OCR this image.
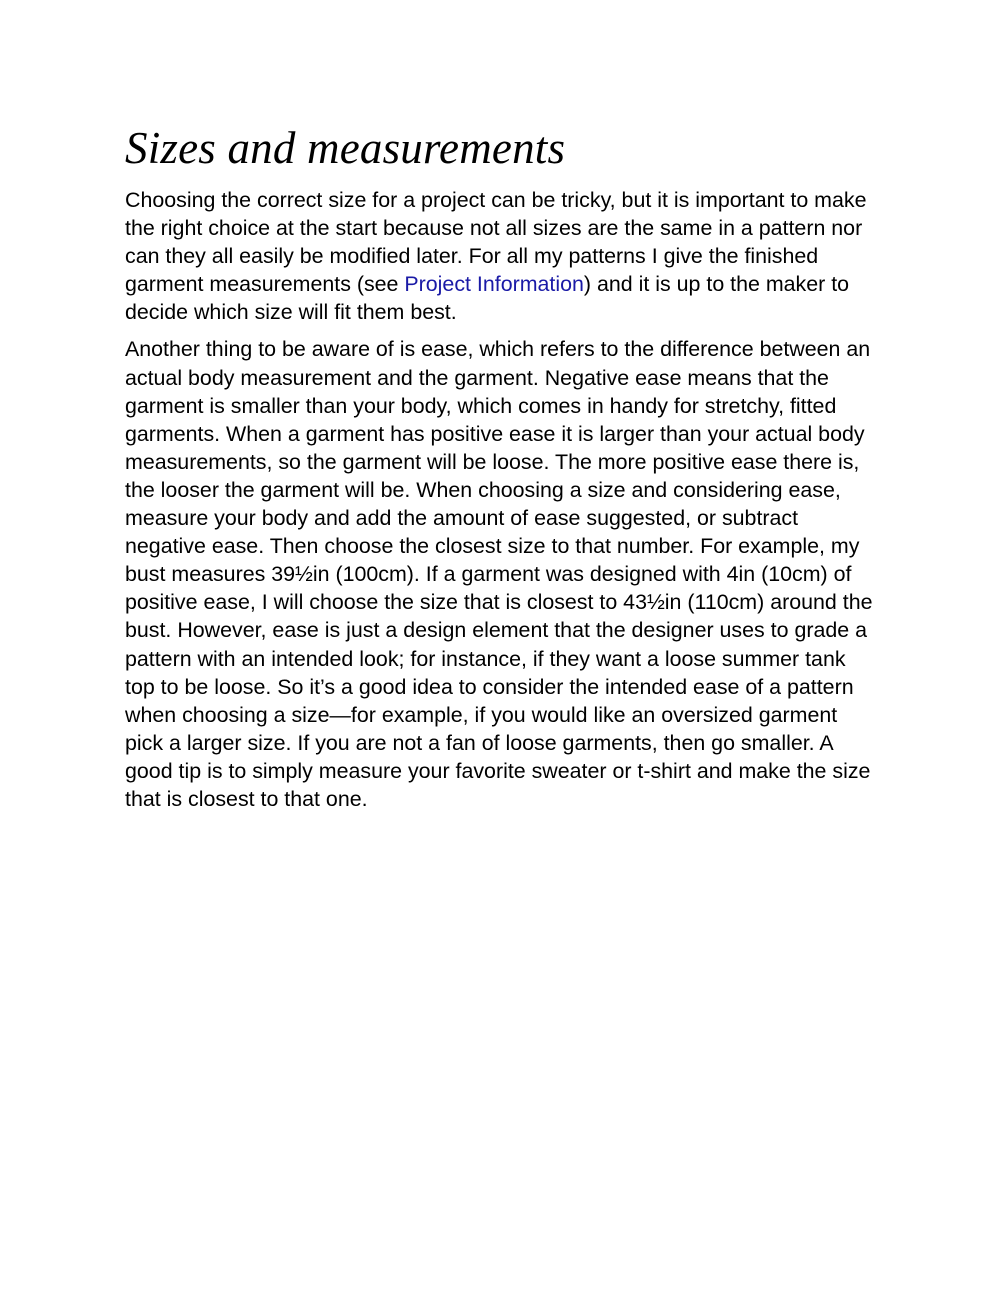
Sizes and measurements

Choosing the correct size for a project can be tricky, but it is important to make the right choice at the start because not all sizes are the same in a pattern nor can they all easily be modified later. For all my patterns I give the finished garment measurements (see Project Information) and it is up to the maker to decide which size will fit them best.

Another thing to be aware of is ease, which refers to the difference between an actual body measurement and the garment. Negative ease means that the garment is smaller than your body, which comes in handy for stretchy, fitted garments. When a garment has positive ease it is larger than your actual body measurements, so the garment will be loose. The more positive ease there is, the looser the garment will be. When choosing a size and considering ease, measure your body and add the amount of ease suggested, or subtract negative ease. Then choose the closest size to that number. For example, my bust measures 39½in (100cm). If a garment was designed with 4in (10cm) of positive ease, I will choose the size that is closest to 43½in (110cm) around the bust. However, ease is just a design element that the designer uses to grade a pattern with an intended look; for instance, if they want a loose summer tank top to be loose. So it’s a good idea to consider the intended ease of a pattern when choosing a size—for example, if you would like an oversized garment pick a larger size. If you are not a fan of loose garments, then go smaller. A good tip is to simply measure your favorite sweater or t-shirt and make the size that is closest to that one.
